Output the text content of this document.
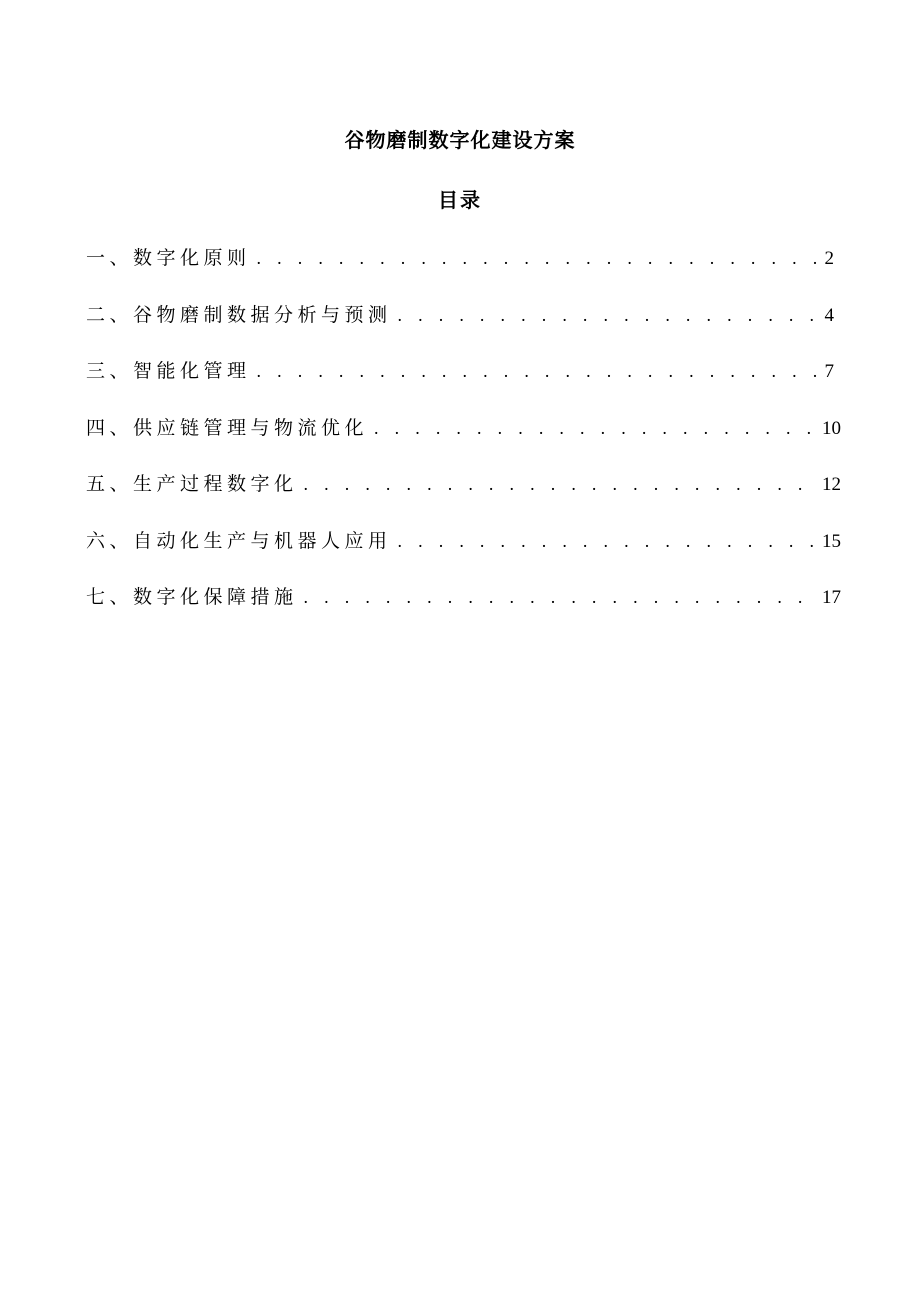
谷物磨制数字化建设方案
目录
一、数字化原则 . . .	2
二、谷物磨制数据分析与预测 . . .	4
三、智能化管理 . . .	7
四、供应链管理与物流优化 . . .	10
五、生产过程数字化 . . .	12
六、自动化生产与机器人应用 . . .	15
七、数字化保障措施 . . .	17
